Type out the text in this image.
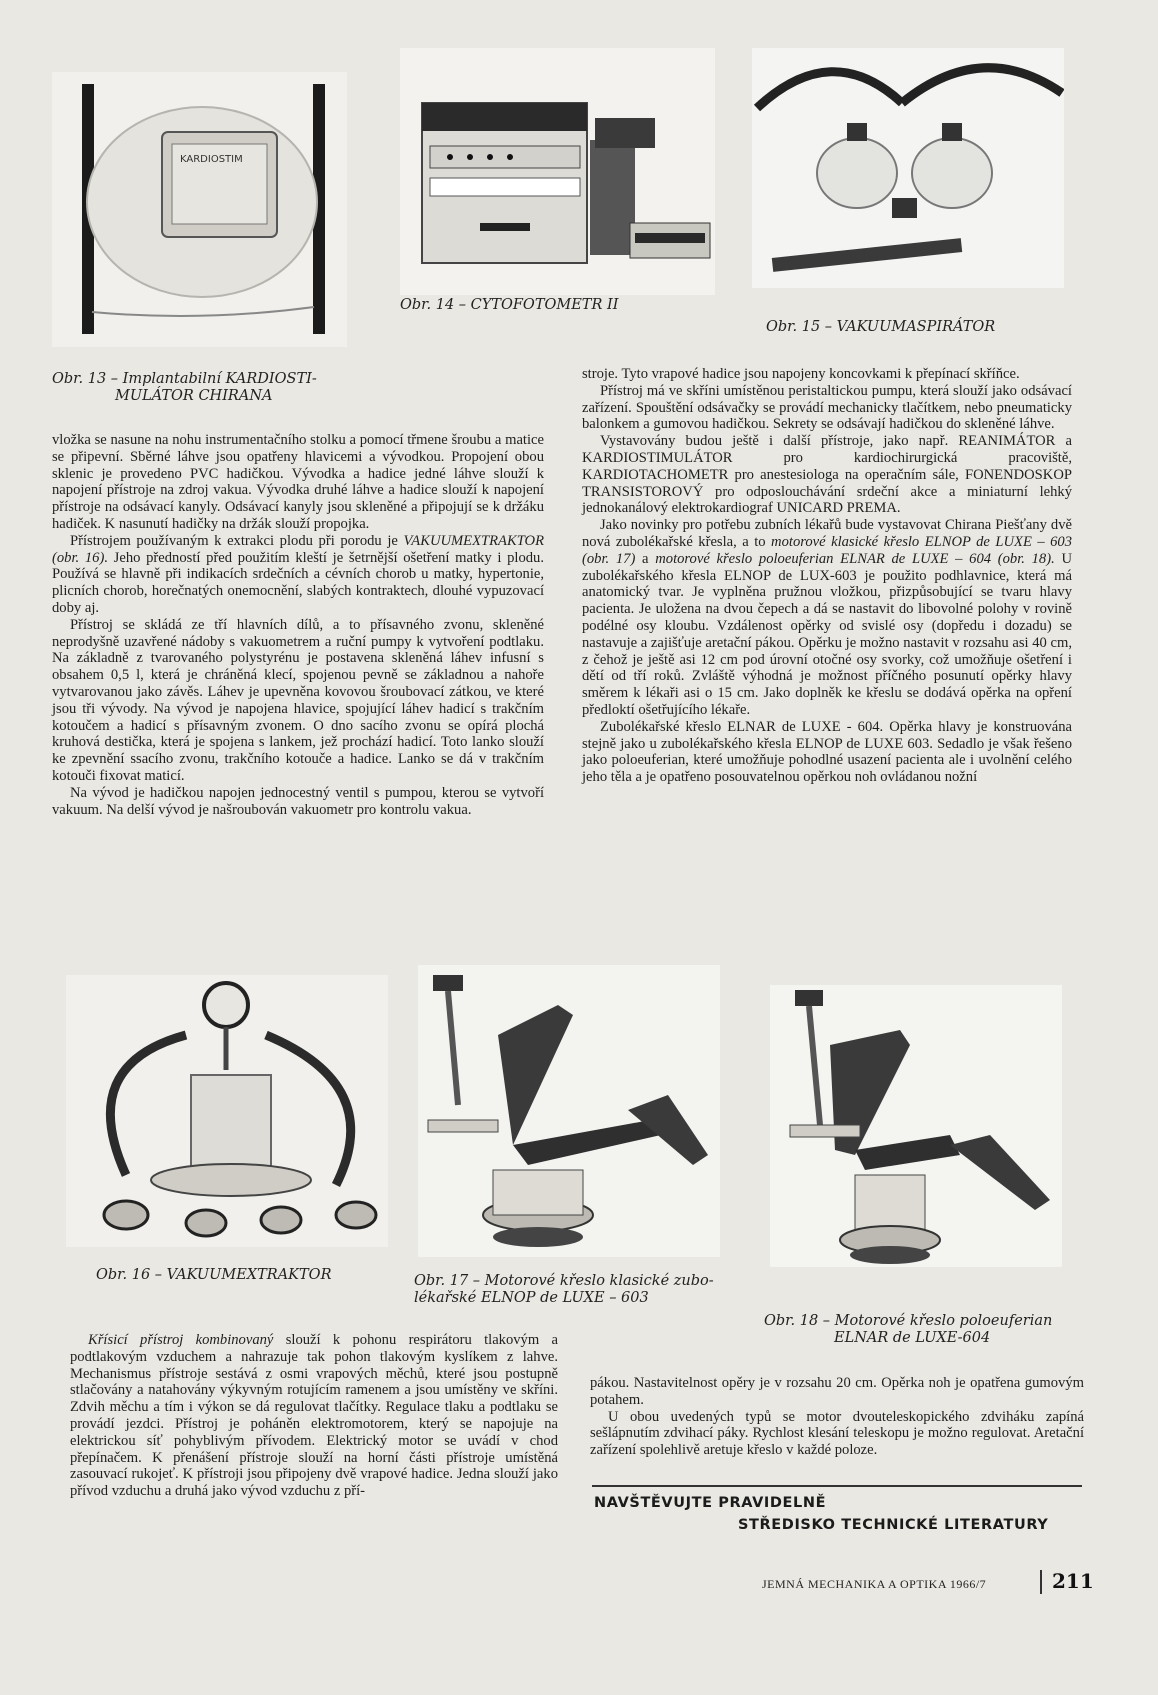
KARDIOSTIM
Obr. 14 – CYTOFOTOMETR II
Obr. 15 – VAKUUMASPIRÁTOR
Obr. 13 – Implantabilní KARDIOSTI-
MULÁTOR CHIRANA

vložka se nasune na nohu instrumentačního stolku a pomocí třmene šroubu a matice se připevní. Sběrné láhve jsou opatřeny hlavicemi a vývodkou. Propojení obou sklenic je provedeno PVC hadičkou. Vývodka a hadice jedné láhve slouží k napojení přístroje na zdroj vakua. Vývodka druhé láhve a hadice slouží k napojení přístroje na odsávací kanyly. Odsávací kanyly jsou skleněné a připojují se k držáku hadiček. K nasunutí hadičky na držák slouží propojka.

Přístrojem používaným k extrakci plodu při porodu je VAKUUMEXTRAKTOR (obr. 16). Jeho předností před použitím kleští je šetrnější ošetření matky i plodu. Používá se hlavně při indikacích srdečních a cévních chorob u matky, hypertonie, plicních chorob, horečnatých onemocnění, slabých kontraktech, dlouhé vypuzovací doby aj.

Přístroj se skládá ze tří hlavních dílů, a to přísavného zvonu, skleněné neprodyšně uzavřené nádoby s vakuometrem a ruční pumpy k vytvoření podtlaku. Na základně z tvarovaného polystyrénu je postavena skleněná láhev infusní s obsahem 0,5 l, která je chráněná klecí, spojenou pevně se základnou a nahoře vytvarovanou jako závěs. Láhev je upevněna kovovou šroubovací zátkou, ve které jsou tři vývody. Na vývod je napojena hlavice, spojující láhev hadicí s trakčním kotoučem a hadicí s přísavným zvonem. O dno sacího zvonu se opírá plochá kruhová destička, která je spojena s lankem, jež prochází hadicí. Toto lanko slouží ke zpevnění ssacího zvonu, trakčního kotouče a hadice. Lanko se dá v trakčním kotouči fixovat maticí.

Na vývod je hadičkou napojen jednocestný ventil s pumpou, kterou se vytvoří vakuum. Na delší vývod je našroubován vakuometr pro kontrolu vakua.

stroje. Tyto vrapové hadice jsou napojeny koncovkami k přepínací skříňce.

Přístroj má ve skříni umístěnou peristaltickou pumpu, která slouží jako odsávací zařízení. Spouštění odsávačky se provádí mechanicky tlačítkem, nebo pneumaticky balonkem a gumovou hadičkou. Sekrety se odsávají hadičkou do skleněné láhve.

Vystavovány budou ještě i další přístroje, jako např. REANIMÁTOR a KARDIOSTIMULÁTOR pro kardiochirurgická pracoviště, KARDIOTACHOMETR pro anestesiologa na operačním sále, FONENDOSKOP TRANSISTOROVÝ pro odposlouchávání srdeční akce a miniaturní lehký jednokanálový elektrokardiograf UNICARD PREMA.

Jako novinky pro potřebu zubních lékařů bude vystavovat Chirana Piešťany dvě nová zubolékařské křesla, a to motorové klasické křeslo ELNOP de LUXE – 603 (obr. 17) a motorové křeslo poloeuferian ELNAR de LUXE – 604 (obr. 18). U zubolékařského křesla ELNOP de LUX-603 je použito podhlavnice, která má anatomický tvar. Je vyplněna pružnou vložkou, přizpůsobující se tvaru hlavy pacienta. Je uložena na dvou čepech a dá se nastavit do libovolné polohy v rovině podélné osy kloubu. Vzdálenost opěrky od svislé osy (dopředu i dozadu) se nastavuje a zajišťuje aretační pákou. Opěrku je možno nastavit v rozsahu asi 40 cm, z čehož je ještě asi 12 cm pod úrovní otočné osy svorky, což umožňuje ošetření i dětí od tří roků. Zvláště výhodná je možnost příčného posunutí opěrky hlavy směrem k lékaři asi o 15 cm. Jako doplněk ke křeslu se dodává opěrka na opření předloktí ošetřujícího lékaře.

Zubolékařské křeslo ELNAR de LUXE - 604. Opěrka hlavy je konstruována stejně jako u zubolékařského křesla ELNOP de LUXE 603. Sedadlo je však řešeno jako poloeuferian, které umožňuje pohodlné usazení pacienta ale i uvolnění celého jeho těla a je opatřeno posouvatelnou opěrkou noh ovládanou nožní

Obr. 16 – VAKUUMEXTRAKTOR	Obr. 17 – Motorové křeslo klasické zubo-
lékařské ELNOP de LUXE – 603
Obr. 18 – Motorové křeslo poloeuferian
ELNAR de LUXE-604

Křísicí přístroj kombinovaný slouží k pohonu respirátoru tlakovým a podtlakovým vzduchem a nahrazuje tak pohon tlakovým kyslíkem z lahve. Mechanismus přístroje sestává z osmi vrapových měchů, které jsou postupně stlačovány a natahovány výkyvným rotujícím ramenem a jsou umístěny ve skříni. Zdvih měchu a tím i výkon se dá regulovat tlačítky. Regulace tlaku a podtlaku se provádí jezdci. Přístroj je poháněn elektromotorem, který se napojuje na elektrickou síť pohyblivým přívodem. Elektrický motor se uvádí v chod přepínačem. K přenášení přístroje slouží na horní části přístroje umístěná zasouvací rukojeť. K přístroji jsou připojeny dvě vrapové hadice. Jedna slouží jako přívod vzduchu a druhá jako vývod vzduchu z pří-

pákou. Nastavitelnost opěry je v rozsahu 20 cm. Opěrka noh je opatřena gumovým potahem.

U obou uvedených typů se motor dvouteleskopického zdviháku zapíná sešlápnutím zdvihací páky. Rychlost klesání teleskopu je možno regulovat. Aretační zařízení spolehlivě aretuje křeslo v každé poloze.

NAVŠTĚVUJTE PRAVIDELNĚ
STŘEDISKO TECHNICKÉ LITERATURY
JEMNÁ MECHANIKA A OPTIKA 1966/7	211
